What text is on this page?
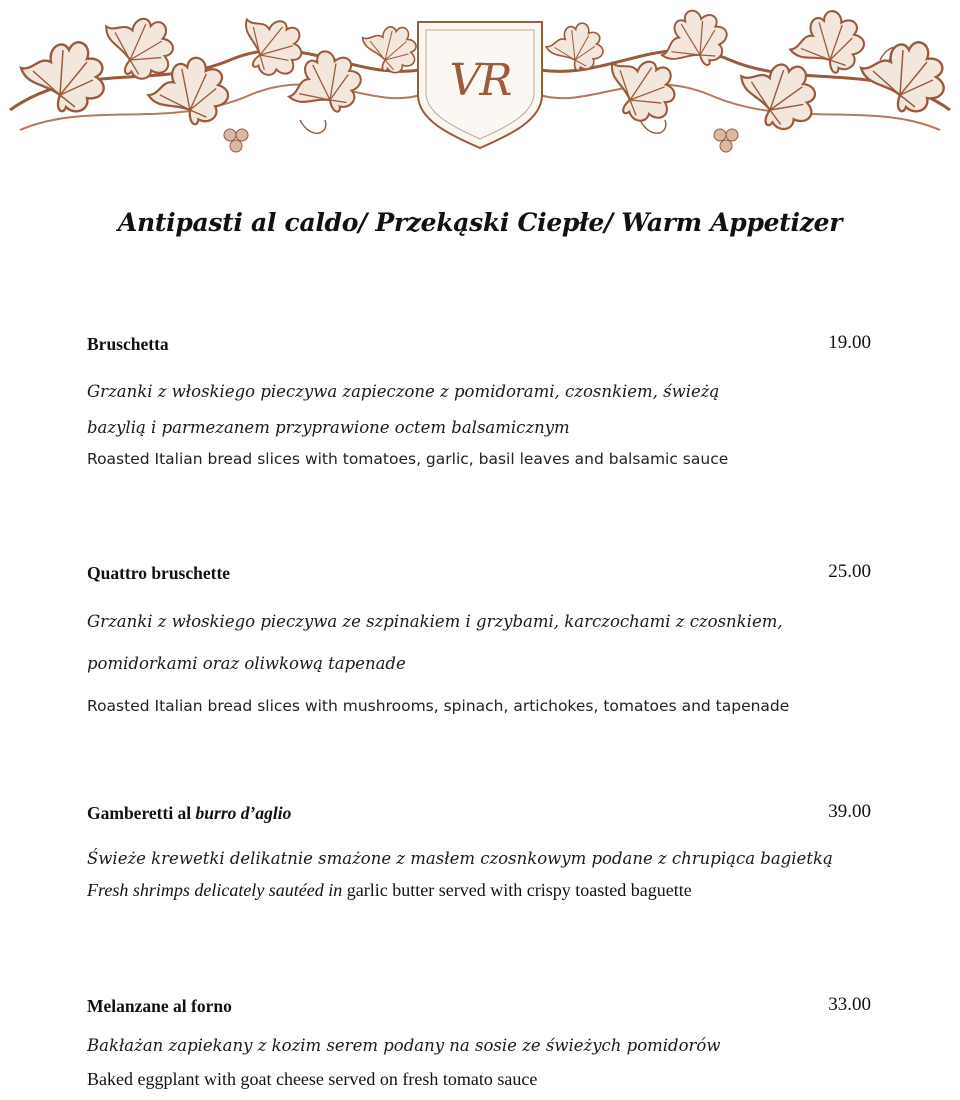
VR
Antipasti al caldo/ Przekąski Ciepłe/ Warm Appetizer
Bruschetta	19.00

Grzanki z włoskiego pieczywa zapieczone z pomidorami, czosnkiem, świeżą
bazylią i parmezanem przyprawione octem balsamicznym

Roasted Italian bread slices with tomatoes, garlic, basil leaves and balsamic sauce

Quattro bruschette	25.00

Grzanki z włoskiego pieczywa ze szpinakiem i grzybami, karczochami z czosnkiem,
pomidorkami oraz oliwkową tapenade

Roasted Italian bread slices with mushrooms, spinach, artichokes, tomatoes and tapenade

Gamberetti al burro d’aglio	39.00

Świeże krewetki delikatnie smażone z masłem czosnkowym podane z chrupiąca bagietką

Fresh shrimps delicately sautéed in garlic butter served with crispy toasted baguette

Melanzane al forno	33.00

Bakłażan zapiekany z kozim serem podany na sosie ze świeżych pomidorów

Baked eggplant with goat cheese served on fresh tomato sauce
